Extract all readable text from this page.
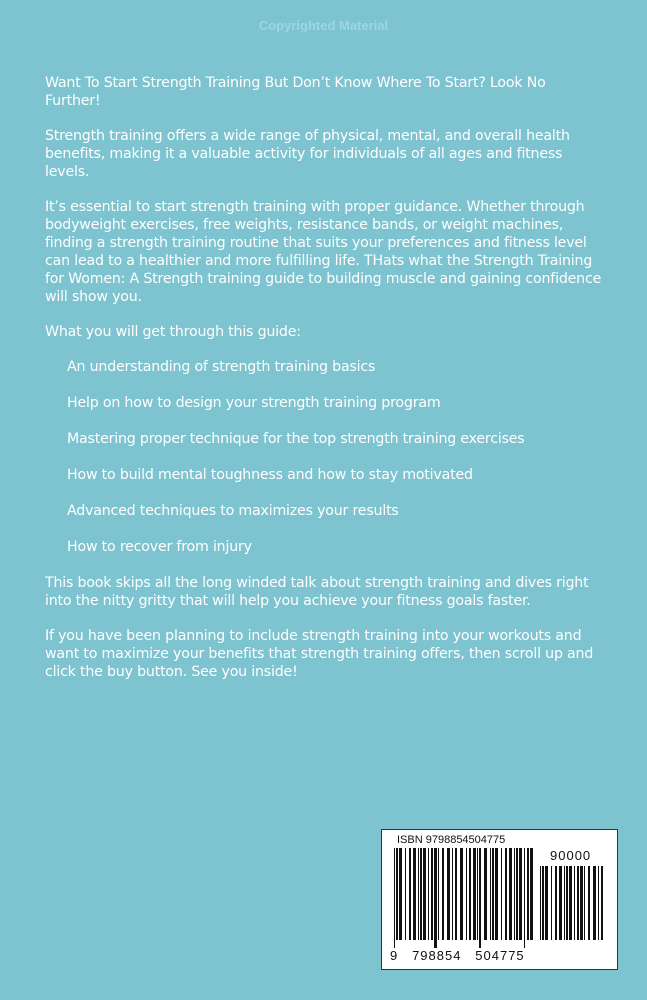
Copyrighted Material

Want To Start Strength Training But Don’t Know Where To Start? Look No Further!

Strength training offers a wide range of physical, mental, and overall health benefits, making it a valuable activity for individuals of all ages and fitness levels.

It’s essential to start strength training with proper guidance. Whether through bodyweight exercises, free weights, resistance bands, or weight machines, finding a strength training routine that suits your preferences and fitness level can lead to a healthier and more fulfilling life. THats what the Strength Training for Women: A Strength training guide to building muscle and gaining confidence will show you.

What you will get through this guide:

An understanding of strength training basics
Help on how to design your strength training program
Mastering proper technique for the top strength training exercises
How to build mental toughness and how to stay motivated
Advanced techniques to maximizes your results
How to recover from injury

This book skips all the long winded talk about strength training and dives right into the nitty gritty that will help you achieve your fitness goals faster.

If you have been planning to include strength training into your workouts and want to maximize your benefits that strength training offers, then scroll up and click the buy button. See you inside!

ISBN 9798854504775
90000
9   798854   504775
